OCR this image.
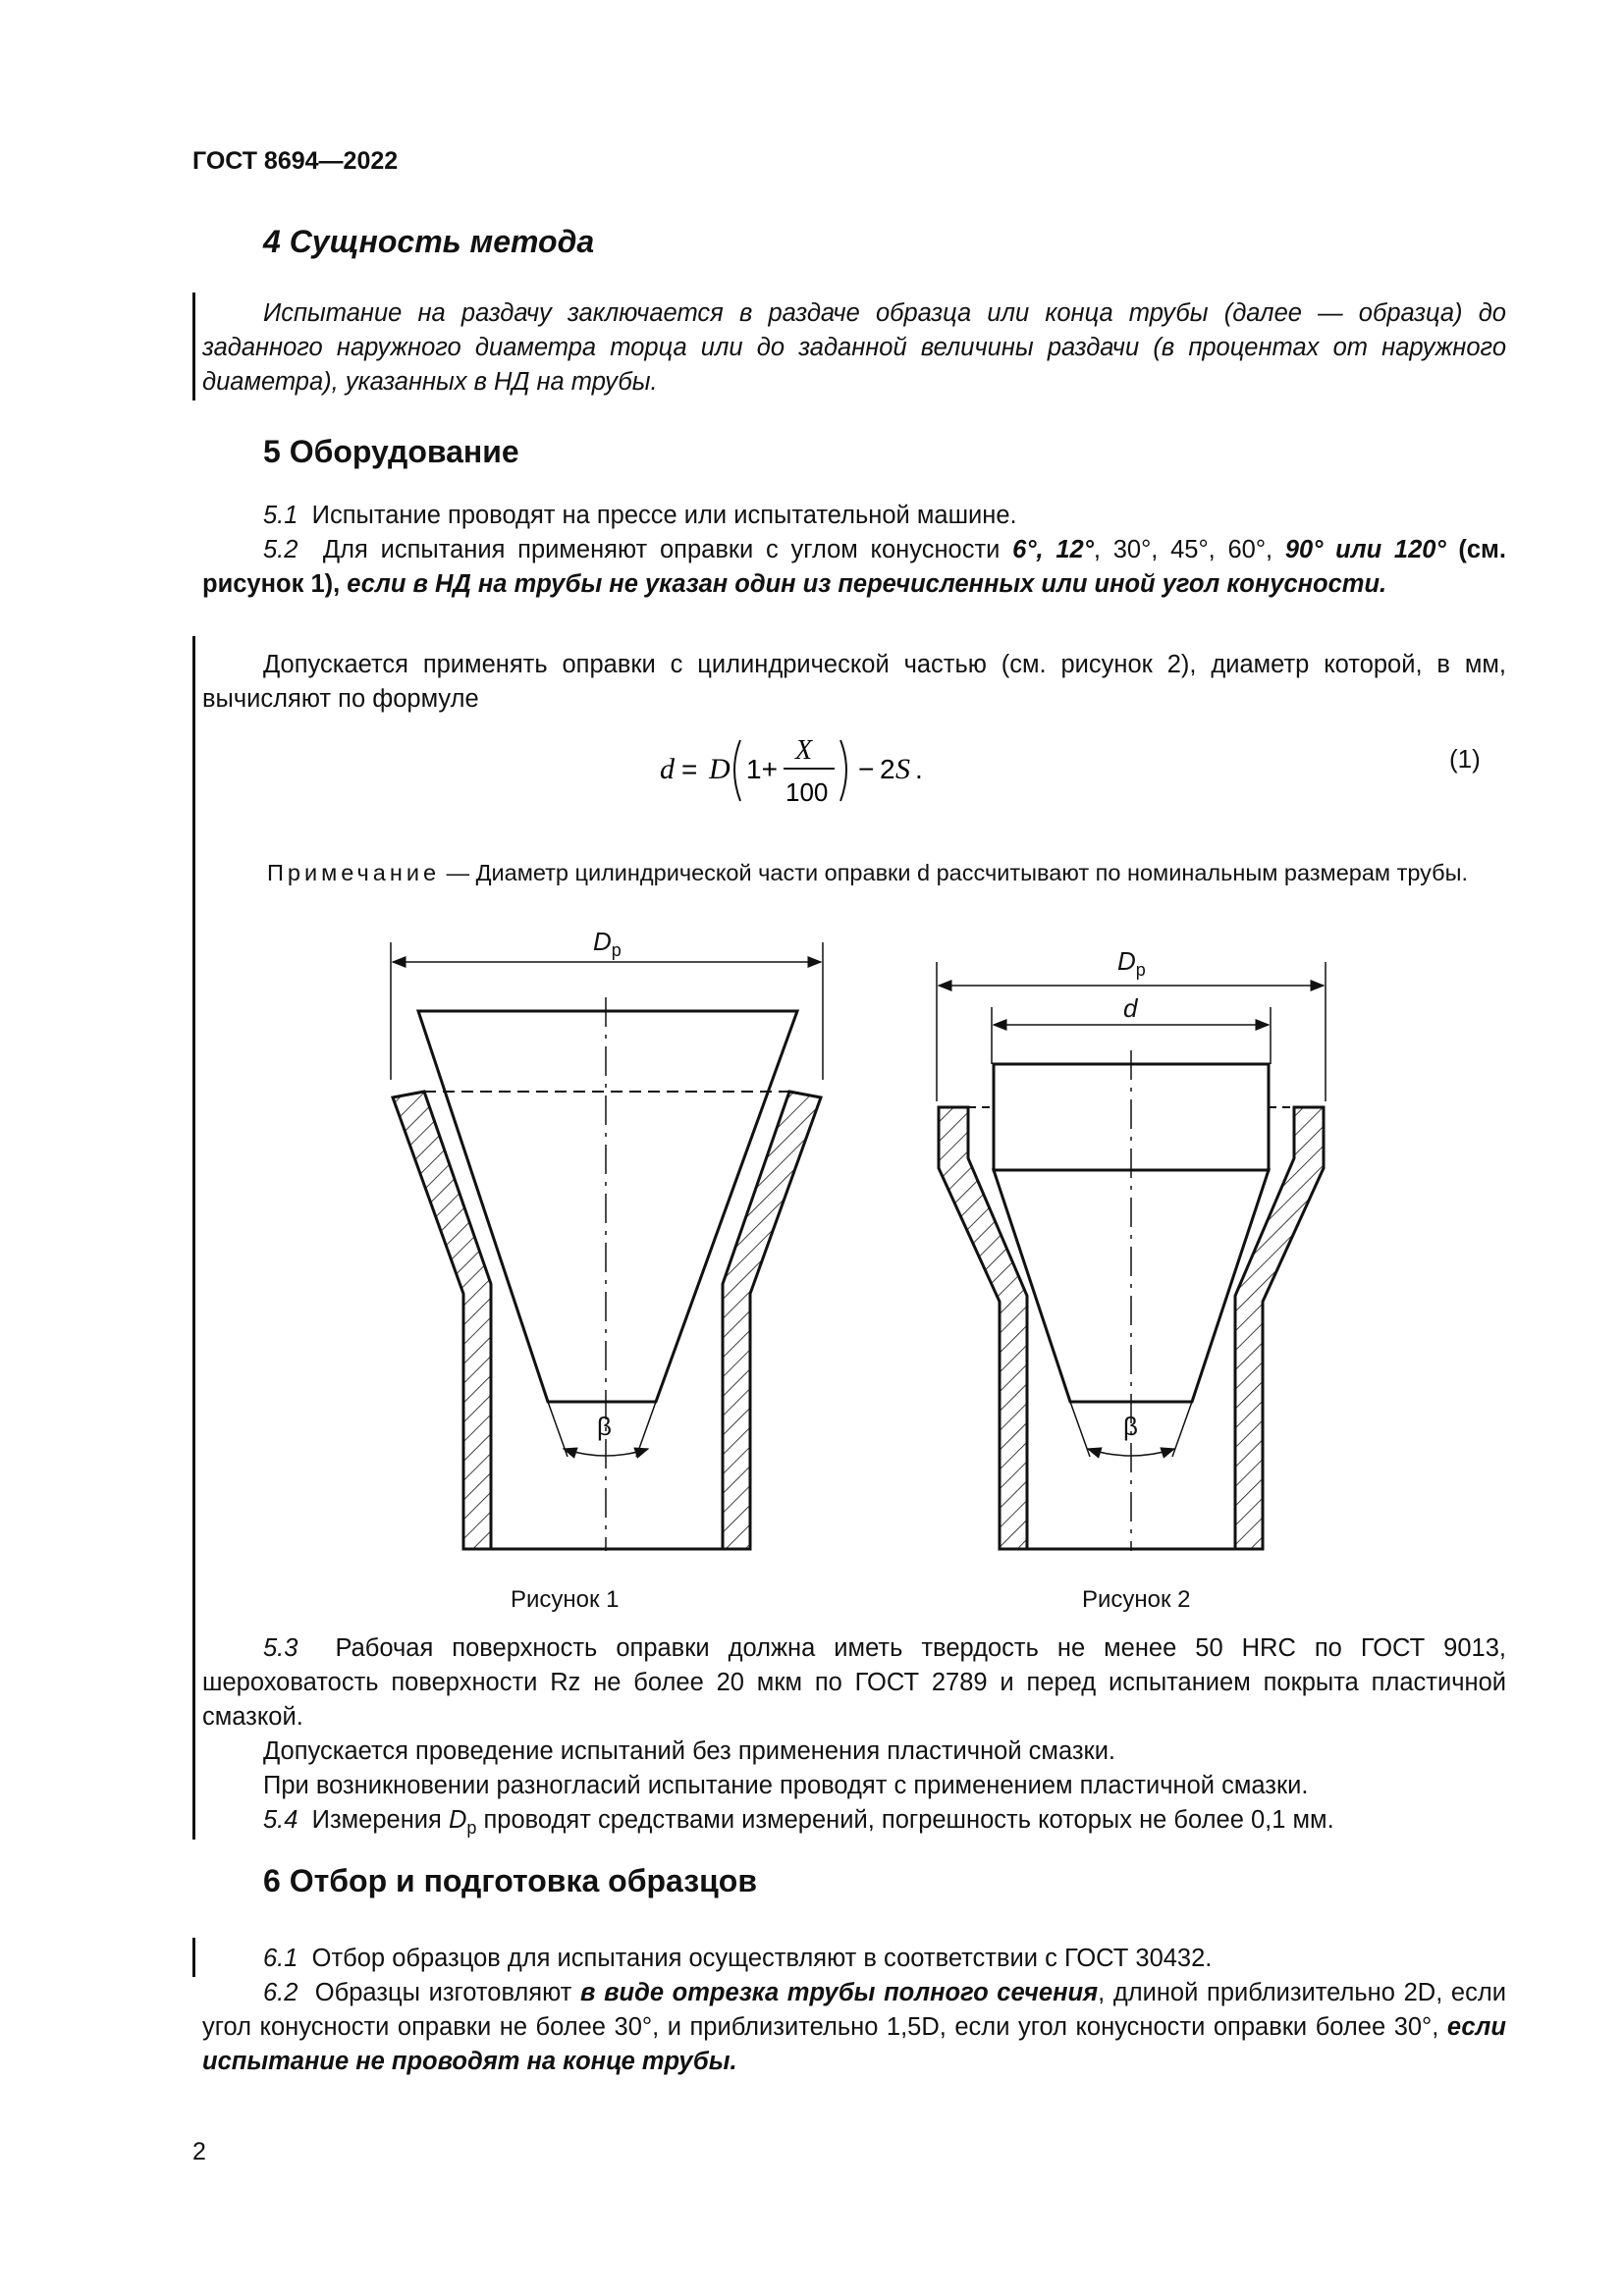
ГОСТ 8694—2022
4 Сущность метода
Испытание на раздачу заключается в раздаче образца или конца трубы (далее — образца) до заданного наружного диаметра торца или до заданной величины раздачи (в процентах от наружного диаметра), указанных в НД на трубы.
5 Оборудование
5.1 Испытание проводят на прессе или испытательной машине.
5.2 Для испытания применяют оправки с углом конусности 6°, 12°, 30°, 45°, 60°, 90° или 120° (см. рисунок 1), если в НД на трубы не указан один из перечисленных или иной угол конусности.
Допускается применять оправки с цилиндрической частью (см. рисунок 2), диаметр которой, в мм, вычисляют по формуле
d = D 1+
X
100
− 2 S .	(1)
Примечание — Диаметр цилиндрической части оправки d рассчитывают по номинальным размерам трубы.
$D_р$
β
$D_р$
d
β
Рисунок 1	Рисунок 2
5.3 Рабочая поверхность оправки должна иметь твердость не менее 50 HRC по ГОСТ 9013, шероховатость поверхности Rz не более 20 мкм по ГОСТ 2789 и перед испытанием покрыта пластичной смазкой.
Допускается проведение испытаний без применения пластичной смазки.
При возникновении разногласий испытание проводят с применением пластичной смазки.
5.4 Измерения $D_р$ проводят средствами измерений, погрешность которых не более 0,1 мм.
6 Отбор и подготовка образцов
6.1 Отбор образцов для испытания осуществляют в соответствии с ГОСТ 30432.
6.2 Образцы изготовляют в виде отрезка трубы полного сечения, длиной приблизительно 2D, если угол конусности оправки не более 30°, и приблизительно 1,5D, если угол конусности оправки более 30°, если испытание не проводят на конце трубы.
2
